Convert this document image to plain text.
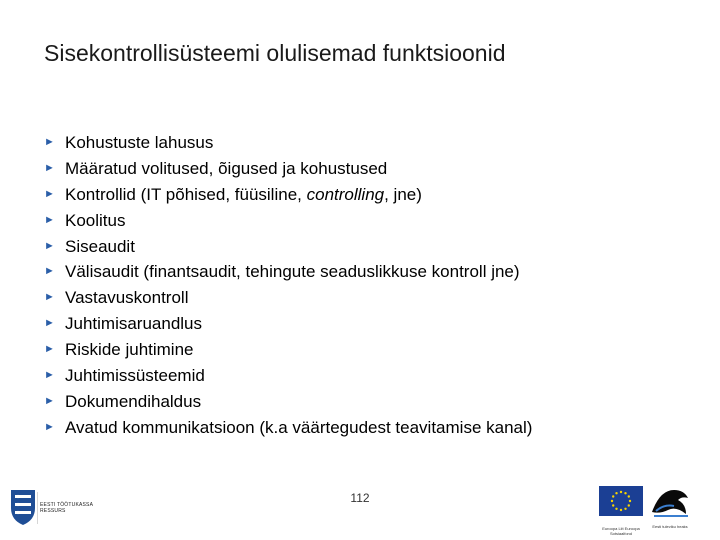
Sisekontrollisüsteemi olulisemad funktsioonid
► Kohustuste lahusus
► Määratud volitused, õigused ja kohustused
► Kontrollid (IT põhised, füüsiline, controlling, jne)
► Koolitus
► Siseaudit
► Välisaudit (finantsaudit, tehingute seaduslikkuse kontroll jne)
► Vastavuskontroll
► Juhtimisaruandlus
► Riskide juhtimine
► Juhtimissüsteemid
► Dokumendihaldus
► Avatud kommunikatsioon (k.a väärtegudest teavitamise kanal)
112
EESTI TÖÖTUKASSA
RESSURS
Euroopa Liit Euroopa Sotsiaalfond
Eesti tuleviku heaks
